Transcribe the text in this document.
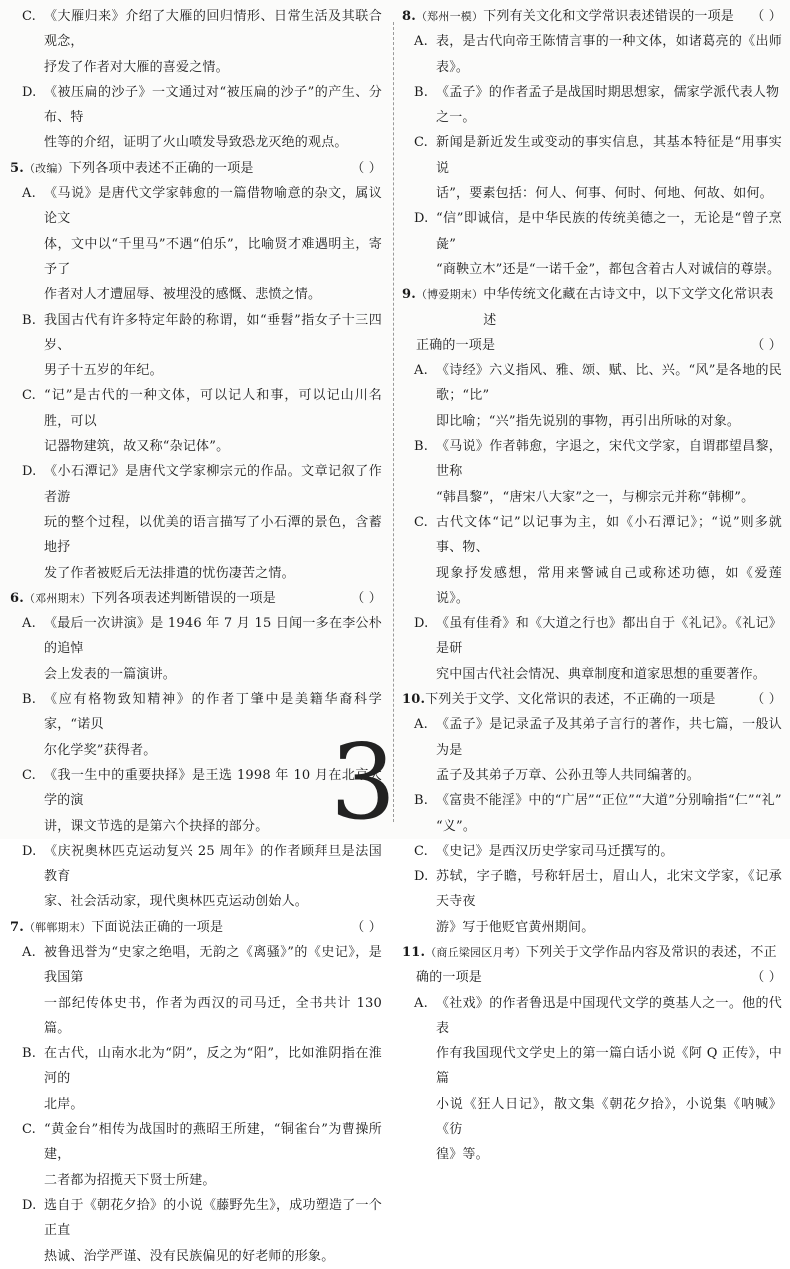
C. 《大雁归来》介绍了大雁的回归情形、日常生活及其联合观念，
抒发了作者对大雁的喜爱之情。
D. 《被压扁的沙子》一文通过对“被压扁的沙子”的产生、分布、特
性等的介绍，证明了火山喷发导致恐龙灭绝的观点。
5. （改编） 下列各项中表述不正确的一项是	（ ）
A. 《马说》是唐代文学家韩愈的一篇借物喻意的杂文，属议论文
体，文中以“千里马”不遇“伯乐”，比喻贤才难遇明主，寄予了
作者对人才遭屈辱、被埋没的感慨、悲愤之情。
B. 我国古代有许多特定年龄的称谓，如“垂髫”指女子十三四岁、
男子十五岁的年纪。
C. “记”是古代的一种文体，可以记人和事，可以记山川名胜，可以
记器物建筑，故又称“杂记体”。
D. 《小石潭记》是唐代文学家柳宗元的作品。文章记叙了作者游
玩的整个过程，以优美的语言描写了小石潭的景色，含蓄地抒
发了作者被贬后无法排遣的忧伤凄苦之情。
6. （邓州期末） 下列各项表述判断错误的一项是	（ ）
A. 《最后一次讲演》是 1946 年 7 月 15 日闻一多在李公朴的追悼
会上发表的一篇演讲。
B. 《应有格物致知精神》的作者丁肇中是美籍华裔科学家，“诺贝
尔化学奖”获得者。
C. 《我一生中的重要抉择》是王选 1998 年 10 月在北京大学的演
讲，课文节选的是第六个抉择的部分。
D. 《庆祝奥林匹克运动复兴 25 周年》的作者顾拜旦是法国教育
家、社会活动家，现代奥林匹克运动创始人。
7. （郸郸期末） 下面说法正确的一项是	（ ）
A. 被鲁迅誉为“史家之绝唱，无韵之《离骚》”的《史记》，是我国第
一部纪传体史书，作者为西汉的司马迁，全书共计 130 篇。
B. 在古代，山南水北为“阴”，反之为“阳”，比如淮阴指在淮河的
北岸。
C. “黄金台”相传为战国时的燕昭王所建，“铜雀台”为曹操所建，
二者都为招揽天下贤士所建。
D. 选自于《朝花夕拾》的小说《藤野先生》，成功塑造了一个正直
热诚、治学严谨、没有民族偏见的好老师的形象。
8. （郑州一模） 下列有关文化和文学常识表述错误的一项是	（ ）
A. 表，是古代向帝王陈情言事的一种文体，如诸葛亮的《出师表》。
B. 《孟子》的作者孟子是战国时期思想家，儒家学派代表人物
之一。
C. 新闻是新近发生或变动的事实信息，其基本特征是“用事实说
话”，要素包括：何人、何事、何时、何地、何故、如何。
D. “信”即诚信，是中华民族的传统美德之一，无论是“曾子烹彘”
“商鞅立木”还是“一诺千金”，都包含着古人对诚信的尊崇。
9. （博爱期末） 中华传统文化藏在古诗文中，以下文学文化常识表述
正确的一项是	（ ）
A. 《诗经》六义指风、雅、颂、赋、比、兴。“风”是各地的民歌；“比”
即比喻；“兴”指先说别的事物，再引出所咏的对象。
B. 《马说》作者韩愈，字退之，宋代文学家，自谓郡望昌黎，世称
“韩昌黎”，“唐宋八大家”之一，与柳宗元并称“韩柳”。
C. 古代文体“记”以记事为主，如《小石潭记》；“说”则多就事、物、
现象抒发感想，常用来警诫自己或称述功德，如《爱莲说》。
D. 《虽有佳肴》和《大道之行也》都出自于《礼记》。《礼记》是研
究中国古代社会情况、典章制度和道家思想的重要著作。
10. 下列关于文学、文化常识的表述，不正确的一项是	（ ）
A. 《孟子》是记录孟子及其弟子言行的著作，共七篇，一般认为是
孟子及其弟子万章、公孙丑等人共同编著的。
B. 《富贵不能淫》中的“广居”“正位”“大道”分别喻指“仁”“礼”
“义”。
C. 《史记》是西汉历史学家司马迁撰写的。
D. 苏轼，字子瞻，号称轩居士，眉山人，北宋文学家，《记承天寺夜
游》写于他贬官黄州期间。
11. （商丘梁园区月考） 下列关于文学作品内容及常识的表述，不正
确的一项是	（ ）
A. 《社戏》的作者鲁迅是中国现代文学的奠基人之一。他的代表
作有我国现代文学史上的第一篇白话小说《阿 Q 正传》，中篇
小说《狂人日记》，散文集《朝花夕拾》，小说集《呐喊》《彷
徨》等。
3
